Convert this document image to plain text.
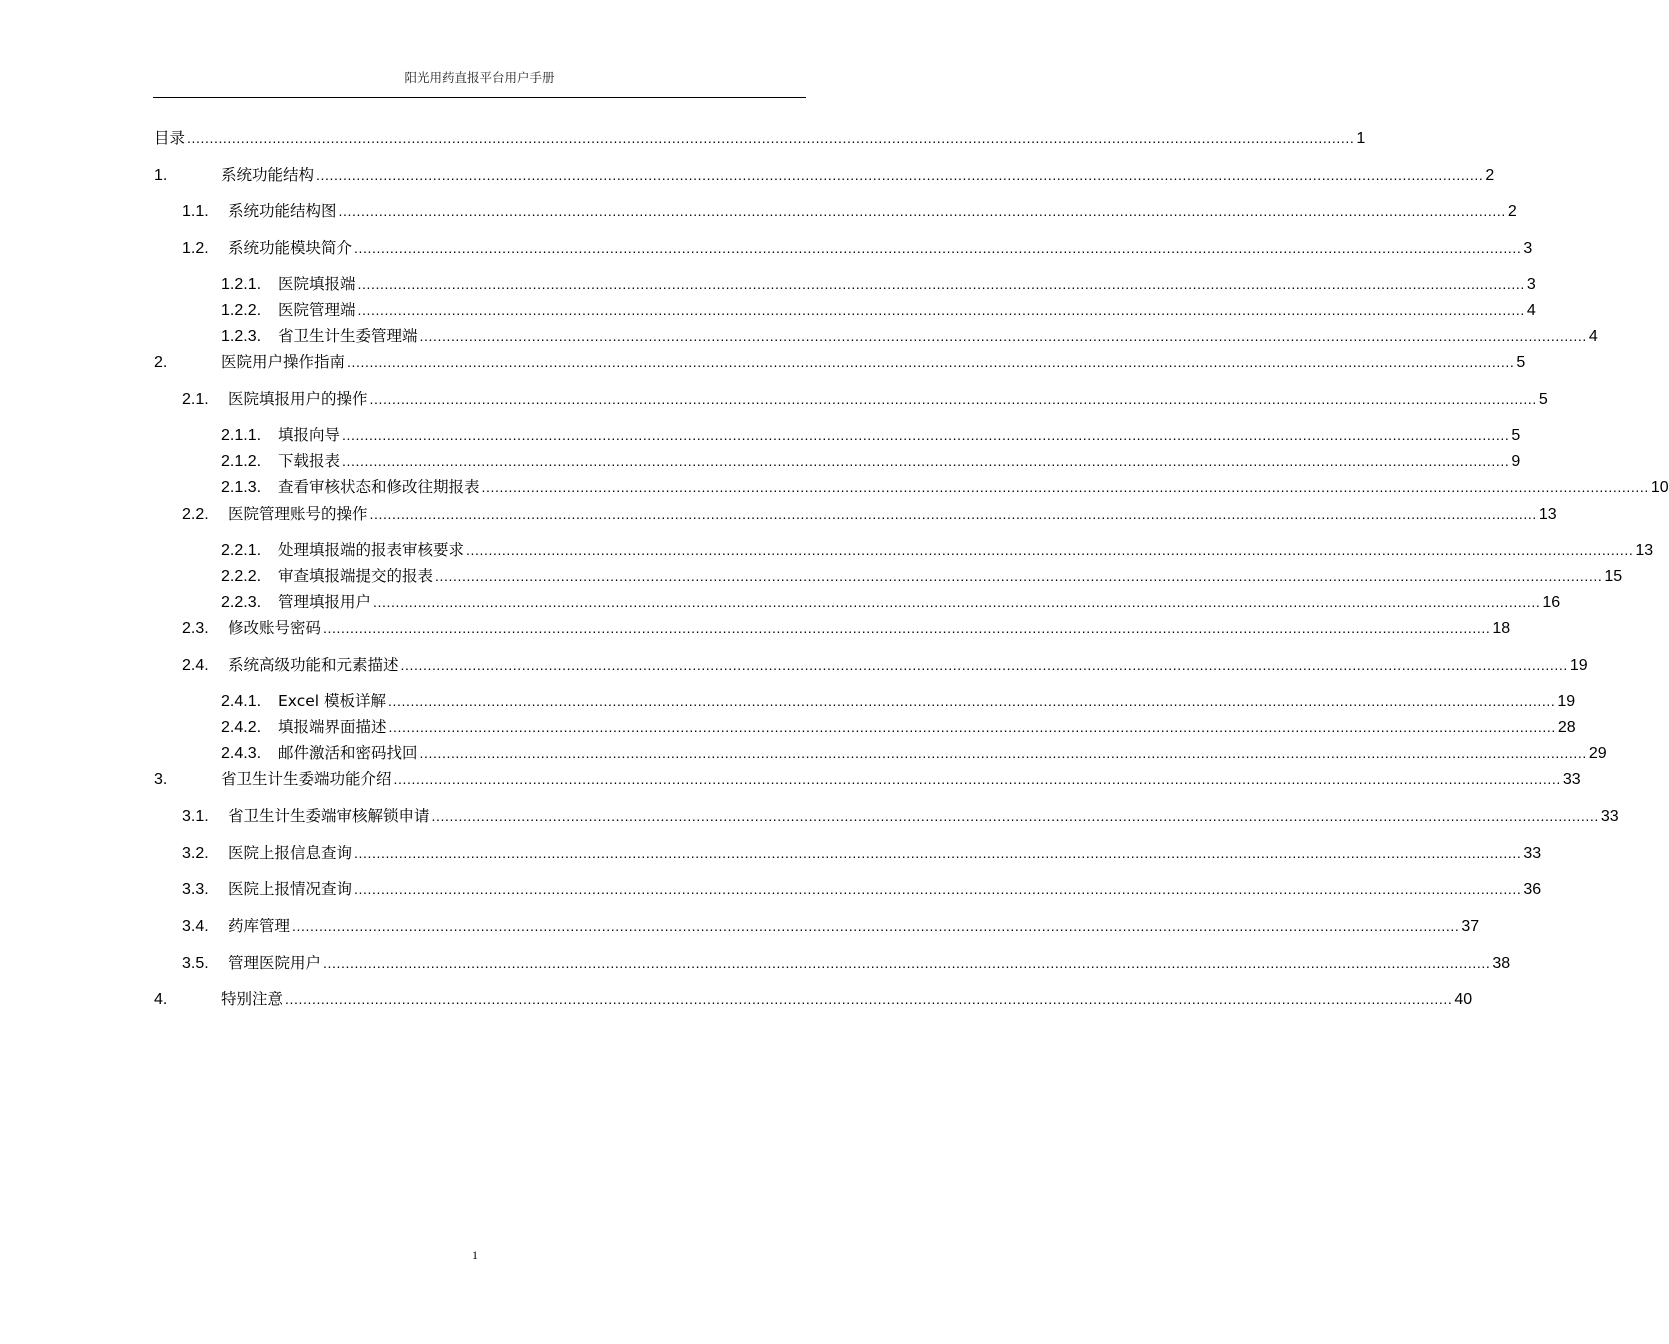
阳光用药直报平台用户手册
目录 .................................................................................................................................................................................................................................................................... 1
1.	系统功能结构 .................................................................................................................................................................................................................................................................... 2
1.1.	系统功能结构图 .................................................................................................................................................................................................................................................................... 2
1.2.	系统功能模块简介 .................................................................................................................................................................................................................................................................... 3
1.2.1.	医院填报端 .................................................................................................................................................................................................................................................................... 3
1.2.2.	医院管理端 .................................................................................................................................................................................................................................................................... 4
1.2.3.	省卫生计生委管理端 .................................................................................................................................................................................................................................................................... 4
2.	医院用户操作指南 .................................................................................................................................................................................................................................................................... 5
2.1.	医院填报用户的操作 .................................................................................................................................................................................................................................................................... 5
2.1.1.	填报向导 .................................................................................................................................................................................................................................................................... 5
2.1.2.	下载报表 .................................................................................................................................................................................................................................................................... 9
2.1.3.	查看审核状态和修改往期报表 .................................................................................................................................................................................................................................................................... 10
2.2.	医院管理账号的操作 .................................................................................................................................................................................................................................................................... 13
2.2.1.	处理填报端的报表审核要求 .................................................................................................................................................................................................................................................................... 13
2.2.2.	审查填报端提交的报表 .................................................................................................................................................................................................................................................................... 15
2.2.3.	管理填报用户 .................................................................................................................................................................................................................................................................... 16
2.3.	修改账号密码 .................................................................................................................................................................................................................................................................... 18
2.4.	系统高级功能和元素描述 .................................................................................................................................................................................................................................................................... 19
2.4.1.	Excel 模板详解 .................................................................................................................................................................................................................................................................... 19
2.4.2.	填报端界面描述 .................................................................................................................................................................................................................................................................... 28
2.4.3.	邮件激活和密码找回 .................................................................................................................................................................................................................................................................... 29
3.	省卫生计生委端功能介绍 .................................................................................................................................................................................................................................................................... 33
3.1.	省卫生计生委端审核解锁申请 .................................................................................................................................................................................................................................................................... 33
3.2.	医院上报信息查询 .................................................................................................................................................................................................................................................................... 33
3.3.	医院上报情况查询 .................................................................................................................................................................................................................................................................... 36
3.4.	药库管理 .................................................................................................................................................................................................................................................................... 37
3.5.	管理医院用户 .................................................................................................................................................................................................................................................................... 38
4.	特别注意 .................................................................................................................................................................................................................................................................... 40
1
